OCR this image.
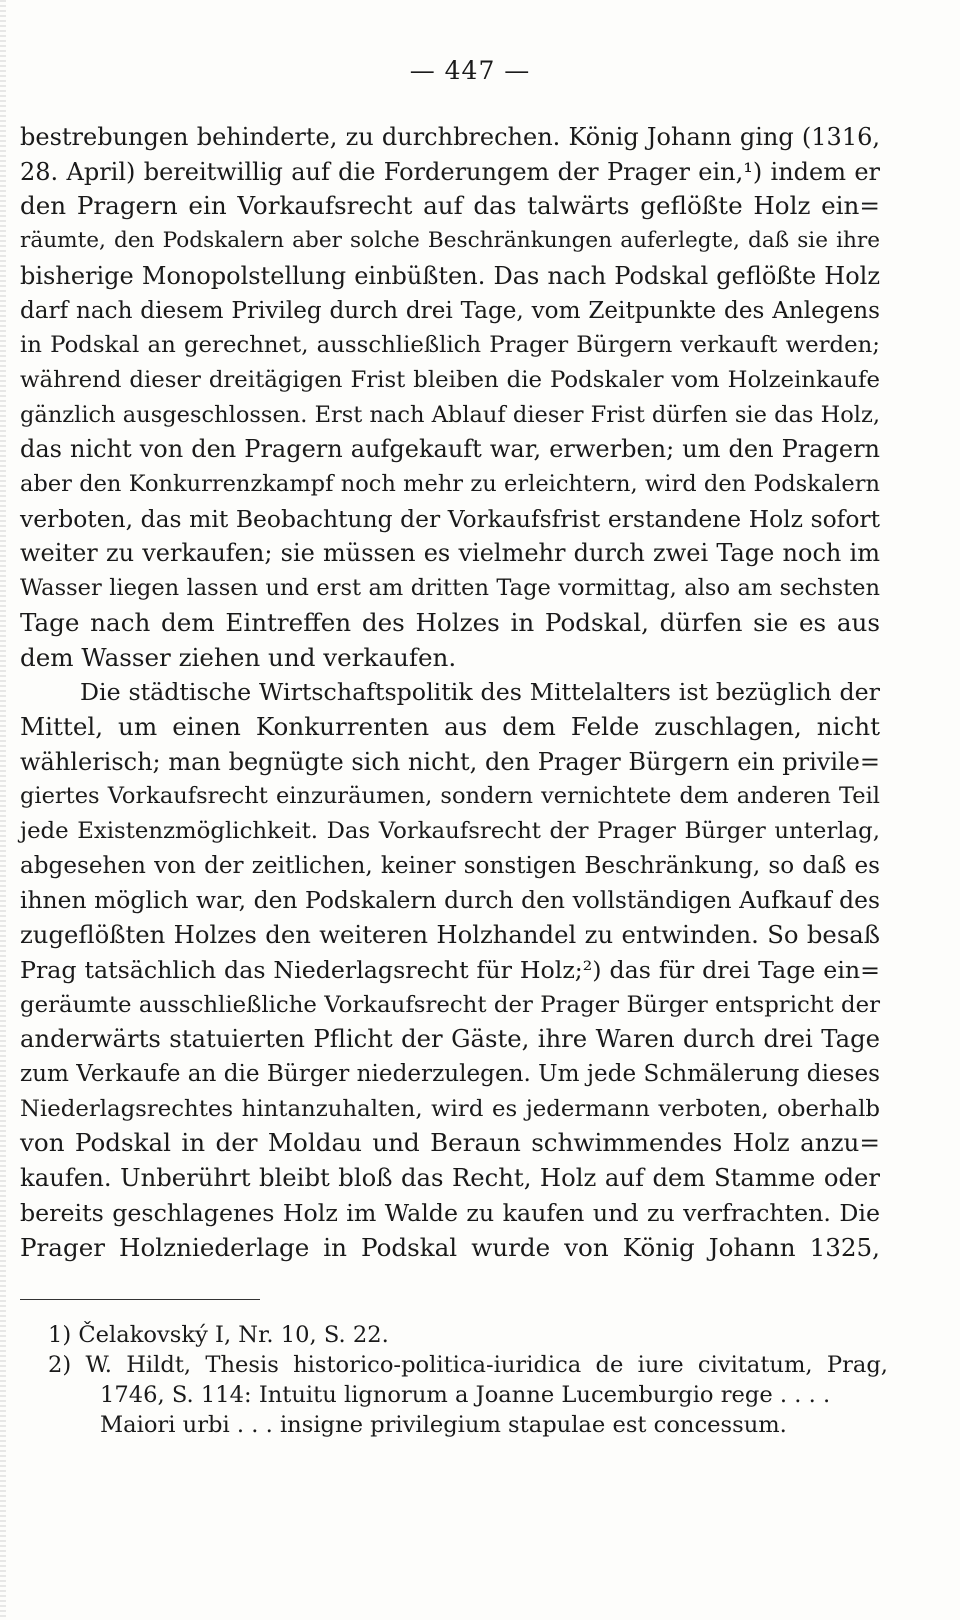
— 447 —
bestrebungen behinderte, zu durchbrechen. König Johann ging (1316,
28. April) bereitwillig auf die Forderungem der Prager ein,¹) indem er
den Pragern ein Vorkaufsrecht auf das talwärts geflößte Holz ein=
räumte, den Podskalern aber solche Beschränkungen auferlegte, daß sie ihre
bisherige Monopolstellung einbüßten. Das nach Podskal geflößte Holz
darf nach diesem Privileg durch drei Tage, vom Zeitpunkte des Anlegens
in Podskal an gerechnet, ausschließlich Prager Bürgern verkauft werden;
während dieser dreitägigen Frist bleiben die Podskaler vom Holzeinkaufe
gänzlich ausgeschlossen. Erst nach Ablauf dieser Frist dürfen sie das Holz,
das nicht von den Pragern aufgekauft war, erwerben; um den Pragern
aber den Konkurrenzkampf noch mehr zu erleichtern, wird den Podskalern
verboten, das mit Beobachtung der Vorkaufsfrist erstandene Holz sofort
weiter zu verkaufen; sie müssen es vielmehr durch zwei Tage noch im
Wasser liegen lassen und erst am dritten Tage vormittag, also am sechsten
Tage nach dem Eintreffen des Holzes in Podskal, dürfen sie es aus
dem Wasser ziehen und verkaufen.
Die städtische Wirtschaftspolitik des Mittelalters ist bezüglich der
Mittel, um einen Konkurrenten aus dem Felde zuschlagen, nicht
wählerisch; man begnügte sich nicht, den Prager Bürgern ein privile=
giertes Vorkaufsrecht einzuräumen, sondern vernichtete dem anderen Teil
jede Existenzmöglichkeit. Das Vorkaufsrecht der Prager Bürger unterlag,
abgesehen von der zeitlichen, keiner sonstigen Beschränkung, so daß es
ihnen möglich war, den Podskalern durch den vollständigen Aufkauf des
zugeflößten Holzes den weiteren Holzhandel zu entwinden. So besaß
Prag tatsächlich das Niederlagsrecht für Holz;²) das für drei Tage ein=
geräumte ausschließliche Vorkaufsrecht der Prager Bürger entspricht der
anderwärts statuierten Pflicht der Gäste, ihre Waren durch drei Tage
zum Verkaufe an die Bürger niederzulegen. Um jede Schmälerung dieses
Niederlagsrechtes hintanzuhalten, wird es jedermann verboten, oberhalb
von Podskal in der Moldau und Beraun schwimmendes Holz anzu=
kaufen. Unberührt bleibt bloß das Recht, Holz auf dem Stamme oder
bereits geschlagenes Holz im Walde zu kaufen und zu verfrachten. Die
Prager Holzniederlage in Podskal wurde von König Johann 1325,
1) Čelakovský I, Nr. 10, S. 22.
2) W. Hildt, Thesis historico-politica-iuridica de iure civitatum, Prag,
1746, S. 114: Intuitu lignorum a Joanne Lucemburgio rege . . . .
Maiori urbi . . . insigne privilegium stapulae est concessum.
